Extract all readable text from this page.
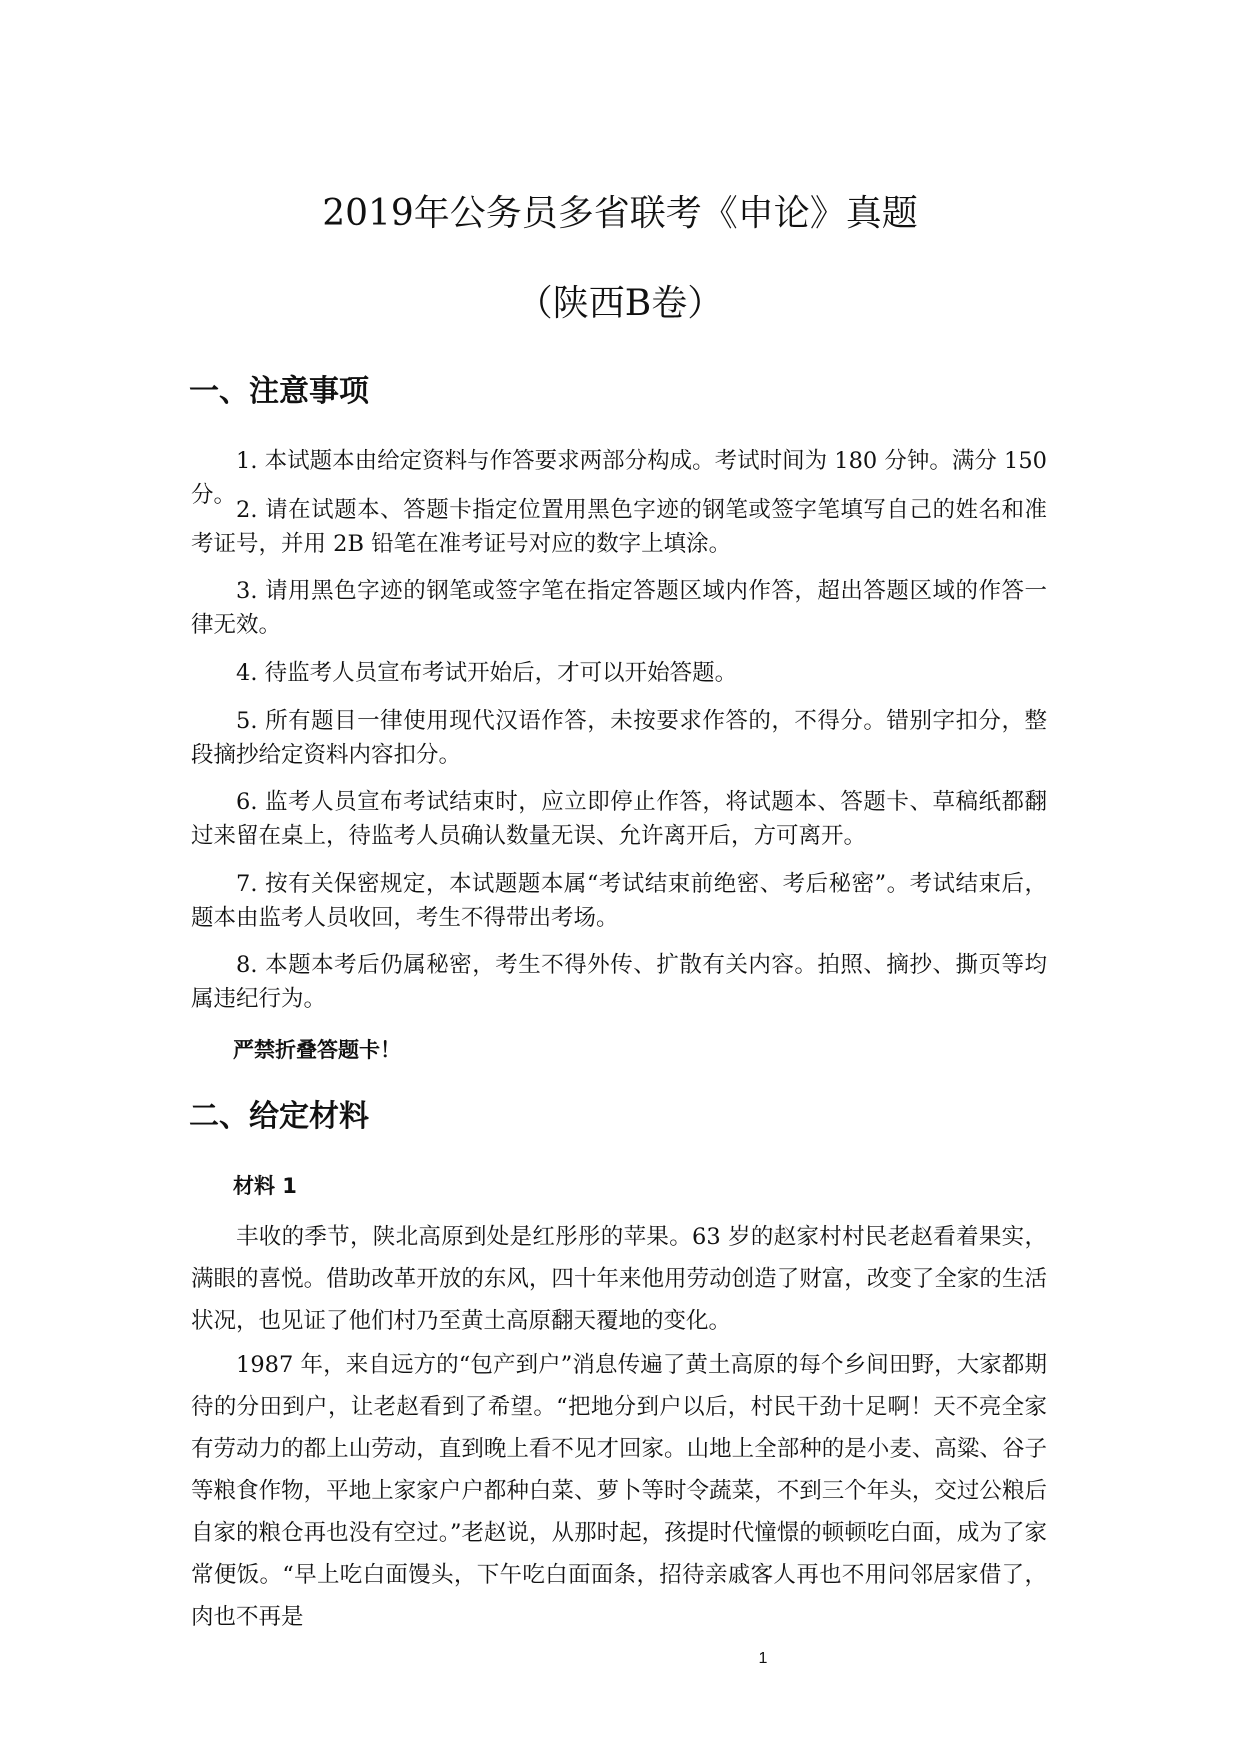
2019年公务员多省联考《申论》真题
（陕西B卷）
一、注意事项
1. 本试题本由给定资料与作答要求两部分构成。考试时间为 180 分钟。满分 150 分。
2. 请在试题本、答题卡指定位置用黑色字迹的钢笔或签字笔填写自己的姓名和准考证号，并用 2B 铅笔在准考证号对应的数字上填涂。
3. 请用黑色字迹的钢笔或签字笔在指定答题区域内作答，超出答题区域的作答一律无效。
4. 待监考人员宣布考试开始后，才可以开始答题。
5. 所有题目一律使用现代汉语作答，未按要求作答的，不得分。错别字扣分，整段摘抄给定资料内容扣分。
6. 监考人员宣布考试结束时，应立即停止作答，将试题本、答题卡、草稿纸都翻过来留在桌上，待监考人员确认数量无误、允许离开后，方可离开。
7. 按有关保密规定，本试题题本属“考试结束前绝密、考后秘密”。考试结束后，题本由监考人员收回，考生不得带出考场。
8. 本题本考后仍属秘密，考生不得外传、扩散有关内容。拍照、摘抄、撕页等均属违纪行为。
严禁折叠答题卡！
二、给定材料
材料 1
丰收的季节，陕北高原到处是红彤彤的苹果。63 岁的赵家村村民老赵看着果实，满眼的喜悦。借助改革开放的东风，四十年来他用劳动创造了财富，改变了全家的生活状况，也见证了他们村乃至黄土高原翻天覆地的变化。
1987 年，来自远方的“包产到户”消息传遍了黄土高原的每个乡间田野，大家都期待的分田到户，让老赵看到了希望。“把地分到户以后，村民干劲十足啊！天不亮全家有劳动力的都上山劳动，直到晚上看不见才回家。山地上全部种的是小麦、高粱、谷子等粮食作物，平地上家家户户都种白菜、萝卜等时令蔬菜，不到三个年头，交过公粮后自家的粮仓再也没有空过。”老赵说，从那时起，孩提时代憧憬的顿顿吃白面，成为了家常便饭。“早上吃白面馒头，下午吃白面面条，招待亲戚客人再也不用问邻居家借了，肉也不再是
1
